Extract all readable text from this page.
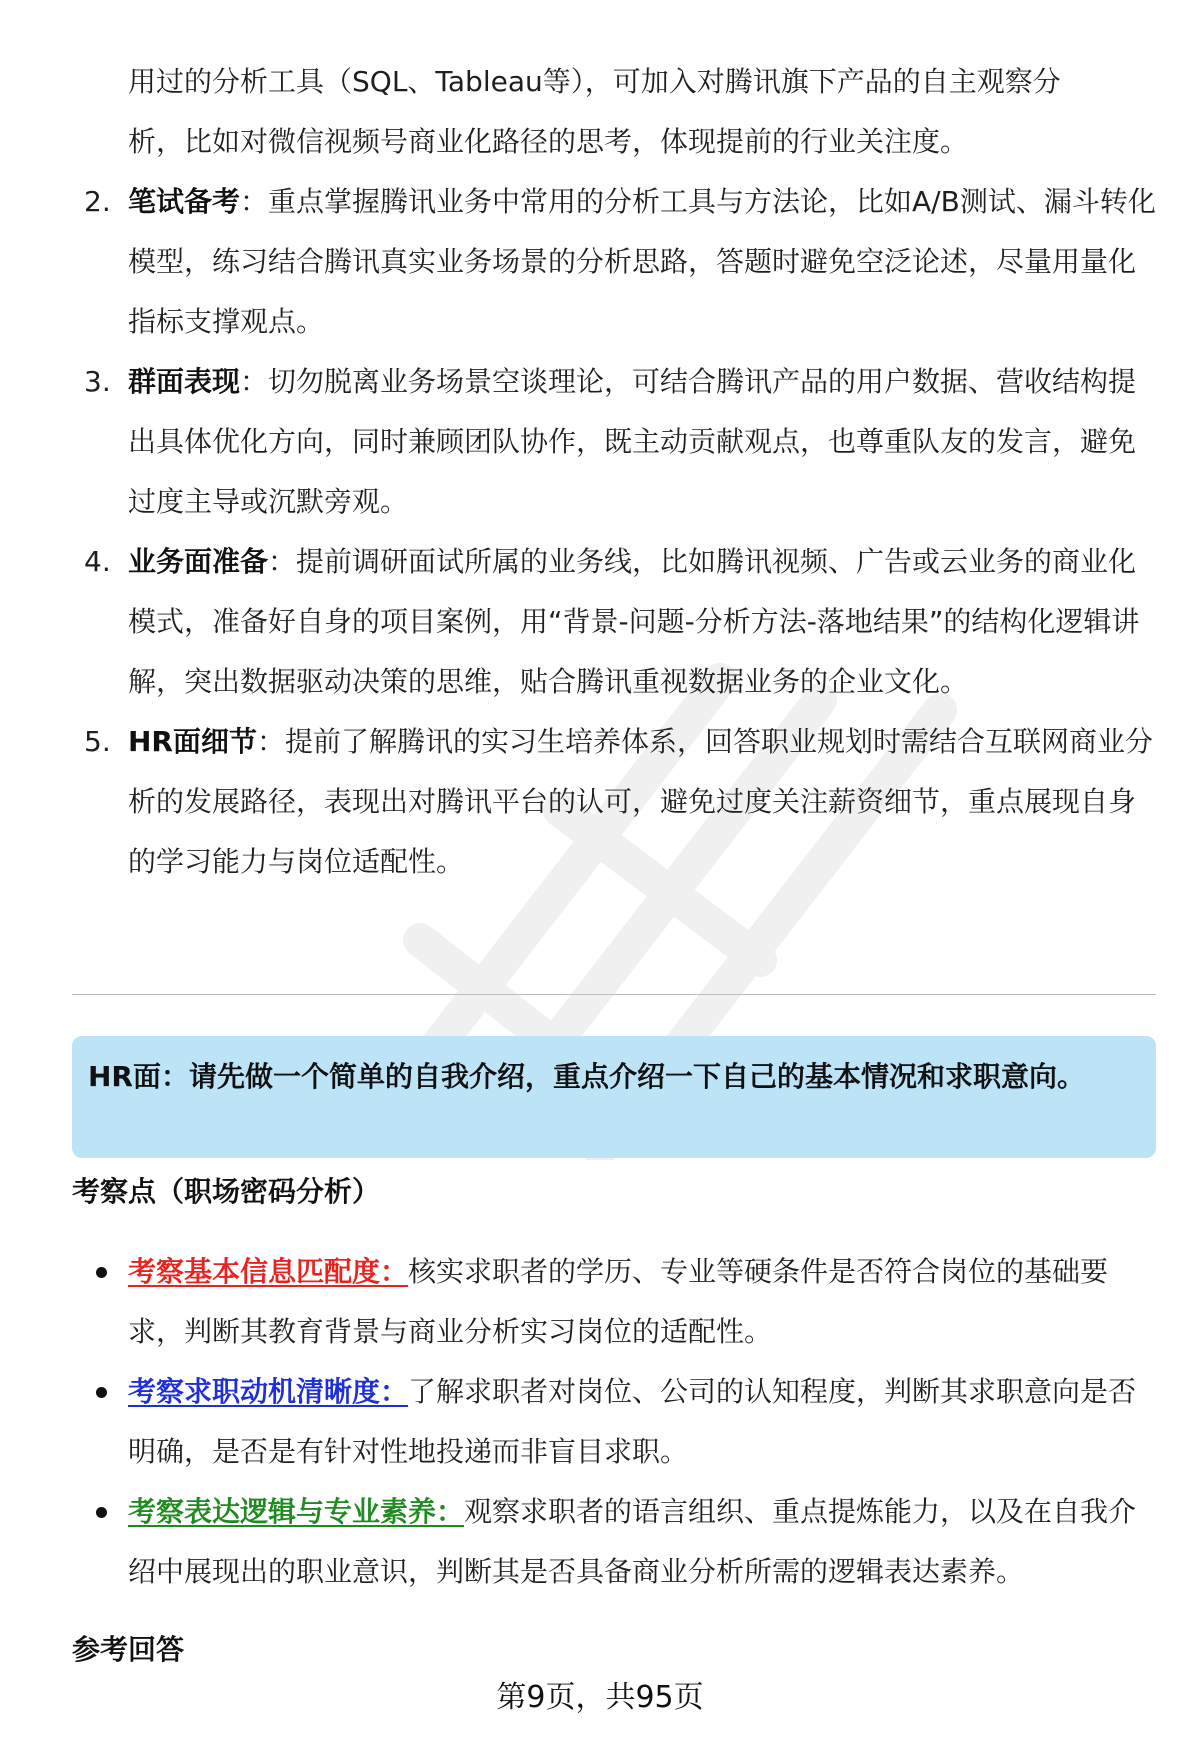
用过的分析工具（SQL、Tableau等），可加入对腾讯旗下产品的自主观察分
析，比如对微信视频号商业化路径的思考，体现提前的行业关注度。
2. 笔试备考：重点掌握腾讯业务中常用的分析工具与方法论，比如A/B测试、漏斗转化模型，练习结合腾讯真实业务场景的分析思路，答题时避免空泛论述，尽量用量化指标支撑观点。
3. 群面表现：切勿脱离业务场景空谈理论，可结合腾讯产品的用户数据、营收结构提出具体优化方向，同时兼顾团队协作，既主动贡献观点，也尊重队友的发言，避免过度主导或沉默旁观。
4. 业务面准备：提前调研面试所属的业务线，比如腾讯视频、广告或云业务的商业化模式，准备好自身的项目案例，用“背景-问题-分析方法-落地结果”的结构化逻辑讲解，突出数据驱动决策的思维，贴合腾讯重视数据业务的企业文化。
5. HR面细节：提前了解腾讯的实习生培养体系，回答职业规划时需结合互联网商业分析的发展路径，表现出对腾讯平台的认可，避免过度关注薪资细节，重点展现自身的学习能力与岗位适配性。
HR面：请先做一个简单的自我介绍，重点介绍一下自己的基本情况和求职意向。
考察点（职场密码分析）
考察基本信息匹配度：核实求职者的学历、专业等硬条件是否符合岗位的基础要求，判断其教育背景与商业分析实习岗位的适配性。
考察求职动机清晰度：了解求职者对岗位、公司的认知程度，判断其求职意向是否明确，是否是有针对性地投递而非盲目求职。
考察表达逻辑与专业素养：观察求职者的语言组织、重点提炼能力，以及在自我介绍中展现出的职业意识，判断其是否具备商业分析所需的逻辑表达素养。
参考回答
第9页，共95页
